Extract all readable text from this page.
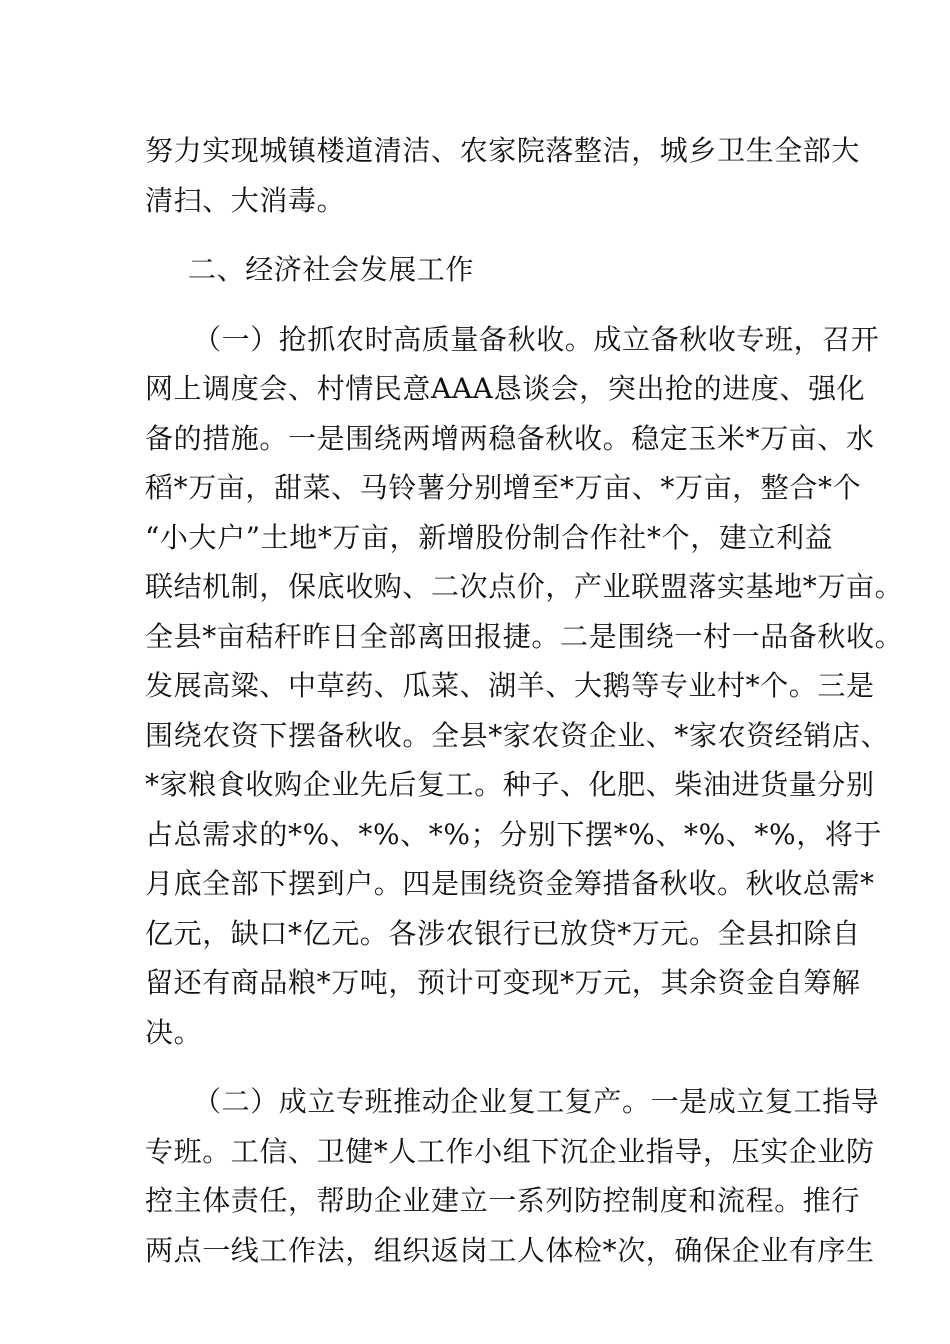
努力实现城镇楼道清洁、农家院落整洁，城乡卫生全部大
清扫、大消毒。
二、经济社会发展工作
（一）抢抓农时高质量备秋收。成立备秋收专班，召开
网上调度会、村情民意AAA恳谈会，突出抢的进度、强化
备的措施。一是围绕两增两稳备秋收。稳定玉米*万亩、水
稻*万亩，甜菜、马铃薯分别增至*万亩、*万亩，整合*个
“小大户”土地*万亩，新增股份制合作社*个，建立利益
联结机制，保底收购、二次点价，产业联盟落实基地*万亩。
全县*亩秸秆昨日全部离田报捷。二是围绕一村一品备秋收。
发展高粱、中草药、瓜菜、湖羊、大鹅等专业村*个。三是
围绕农资下摆备秋收。全县*家农资企业、*家农资经销店、
*家粮食收购企业先后复工。种子、化肥、柴油进货量分别
占总需求的*%、*%、*%；分别下摆*%、*%、*%，将于
月底全部下摆到户。四是围绕资金筹措备秋收。秋收总需*
亿元，缺口*亿元。各涉农银行已放贷*万元。全县扣除自
留还有商品粮*万吨，预计可变现*万元，其余资金自筹解
决。
（二）成立专班推动企业复工复产。一是成立复工指导
专班。工信、卫健*人工作小组下沉企业指导，压实企业防
控主体责任，帮助企业建立一系列防控制度和流程。推行
两点一线工作法，组织返岗工人体检*次，确保企业有序生
